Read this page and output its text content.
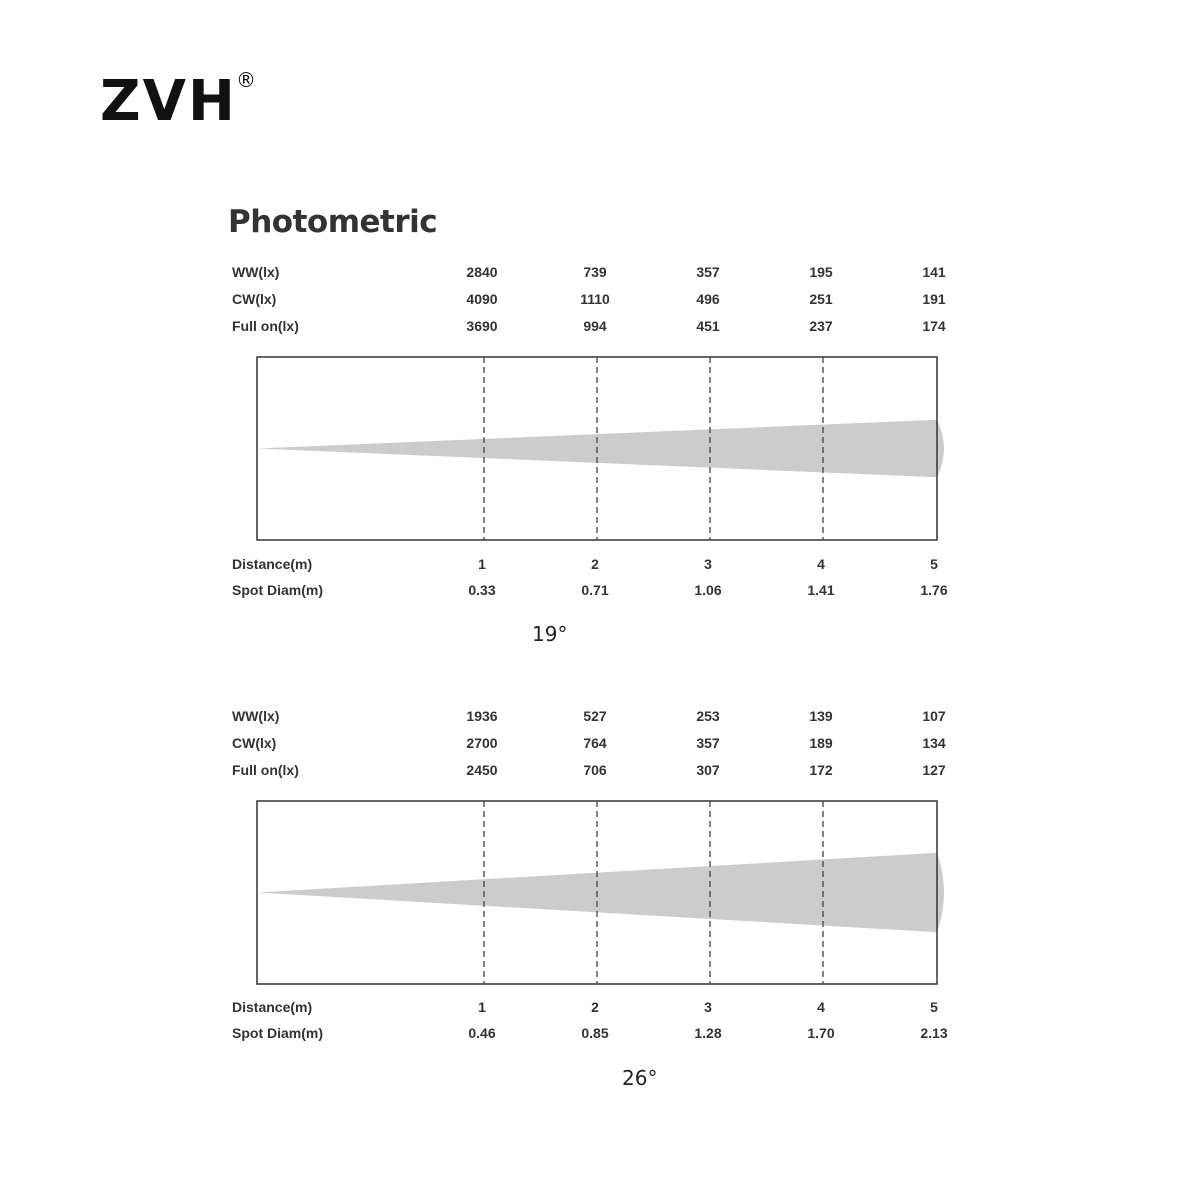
ZVH ®
Photometric
WW(lx)	2840	739	357	195	141
CW(lx)	4090	1110	496	251	191
Full on(lx)	3690	994	451	237	174
Distance(m)	1	2	3	4	5
Spot Diam(m)	0.33	0.71	1.06	1.41	1.76
19°
WW(lx)	1936	527	253	139	107
CW(lx)	2700	764	357	189	134
Full on(lx)	2450	706	307	172	127
Distance(m)	1	2	3	4	5
Spot Diam(m)	0.46	0.85	1.28	1.70	2.13
26°
